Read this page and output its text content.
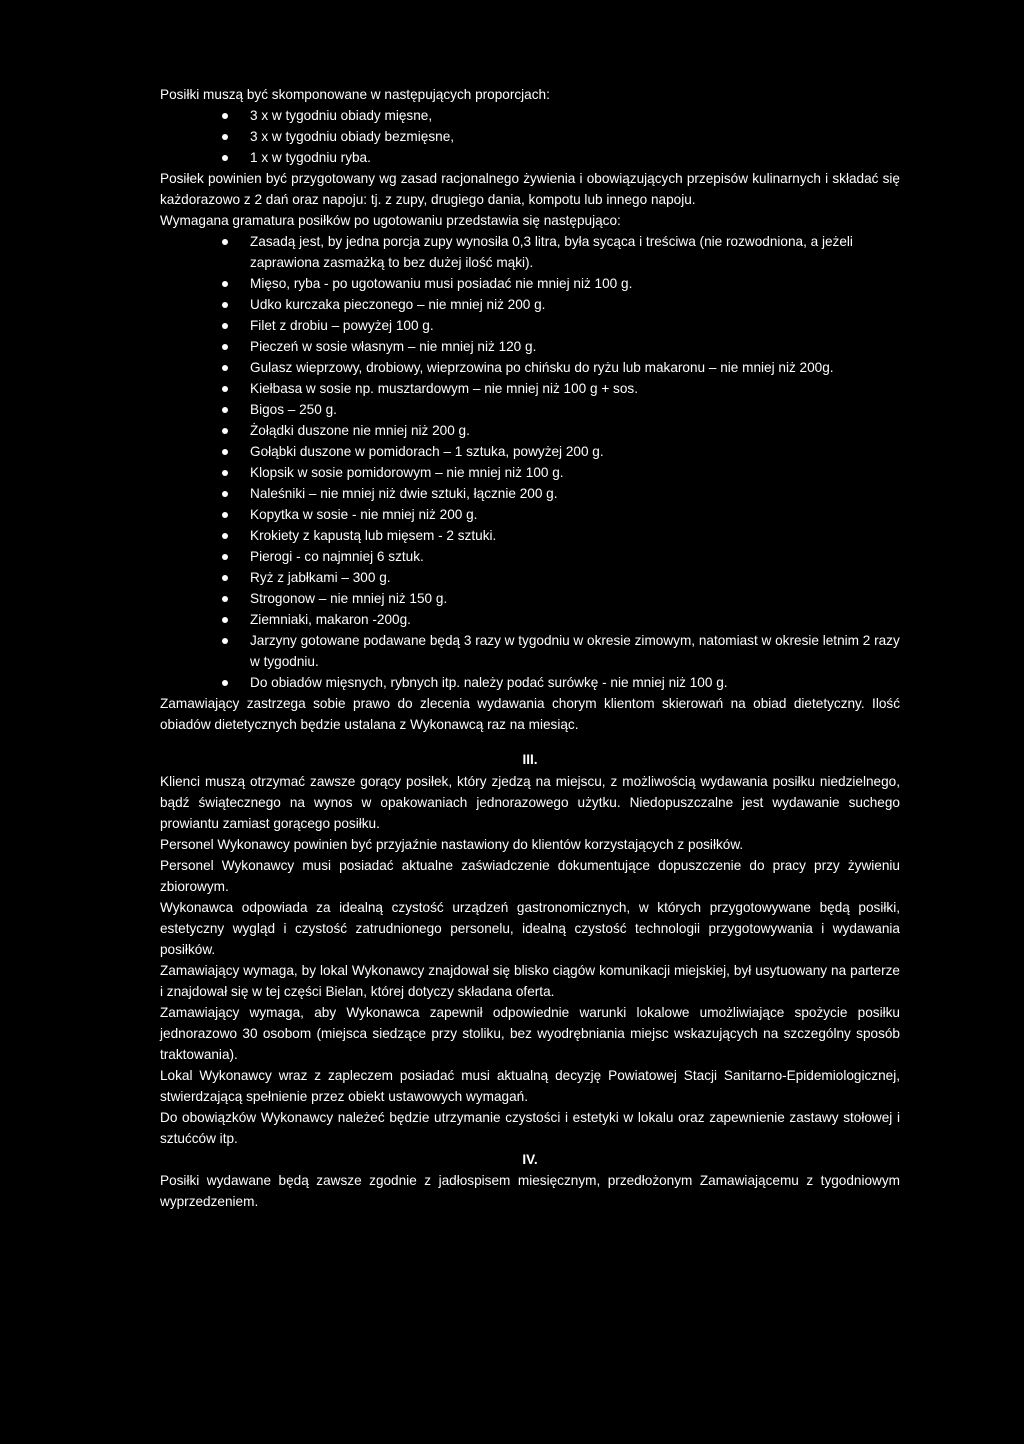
Posiłki muszą być skomponowane w następujących proporcjach:

3 x w tygodniu obiady mięsne,
3 x w tygodniu obiady bezmięsne,
1 x w tygodniu ryba.

Posiłek powinien być przygotowany wg zasad racjonalnego żywienia i obowiązujących przepisów kulinarnych i składać się każdorazowo z 2 dań oraz napoju: tj. z zupy, drugiego dania, kompotu lub innego napoju.

Wymagana gramatura posiłków po ugotowaniu przedstawia się następująco:

Zasadą jest, by jedna porcja zupy wynosiła 0,3 litra, była sycąca i treściwa (nie rozwodniona, a jeżeli zaprawiona zasmażką to bez dużej ilość mąki).
Mięso, ryba - po ugotowaniu musi posiadać nie mniej niż 100 g.
Udko kurczaka pieczonego – nie mniej niż 200 g.
Filet z drobiu – powyżej 100 g.
Pieczeń w sosie własnym – nie mniej niż 120 g.
Gulasz wieprzowy, drobiowy, wieprzowina po chińsku do ryżu lub makaronu – nie mniej niż 200g.
Kiełbasa w sosie np. musztardowym – nie mniej niż 100 g + sos.
Bigos – 250 g.
Żołądki duszone nie mniej niż 200 g.
Gołąbki duszone w pomidorach – 1 sztuka, powyżej 200 g.
Klopsik w sosie pomidorowym – nie mniej niż 100 g.
Naleśniki – nie mniej niż dwie sztuki, łącznie 200 g.
Kopytka w sosie - nie mniej niż 200 g.
Krokiety z kapustą lub mięsem - 2 sztuki.
Pierogi - co najmniej 6 sztuk.
Ryż z jabłkami – 300 g.
Strogonow – nie mniej niż 150 g.
Ziemniaki, makaron -200g.
Jarzyny gotowane podawane będą 3 razy w tygodniu w okresie zimowym, natomiast w okresie letnim 2 razy w tygodniu.
Do obiadów mięsnych, rybnych itp. należy podać surówkę - nie mniej niż 100 g.

Zamawiający zastrzega sobie prawo do zlecenia wydawania chorym klientom skierowań na obiad dietetyczny. Ilość obiadów dietetycznych będzie ustalana z Wykonawcą raz na miesiąc.

III.

Klienci muszą otrzymać zawsze gorący posiłek, który zjedzą na miejscu, z możliwością wydawania posiłku niedzielnego, bądź świątecznego na wynos w opakowaniach jednorazowego użytku. Niedopuszczalne jest wydawanie suchego prowiantu zamiast gorącego posiłku.

Personel Wykonawcy powinien być przyjaźnie nastawiony do klientów korzystających z posiłków.

Personel Wykonawcy musi posiadać aktualne zaświadczenie dokumentujące dopuszczenie do pracy przy żywieniu zbiorowym.

Wykonawca odpowiada za idealną czystość urządzeń gastronomicznych, w których przygotowywane będą posiłki, estetyczny wygląd i czystość zatrudnionego personelu, idealną czystość technologii przygotowywania i wydawania posiłków.

Zamawiający wymaga, by lokal Wykonawcy znajdował się blisko ciągów komunikacji miejskiej, był usytuowany na parterze i znajdował się w tej części Bielan, której dotyczy składana oferta.

Zamawiający wymaga, aby Wykonawca zapewnił odpowiednie warunki lokalowe umożliwiające spożycie posiłku jednorazowo 30 osobom (miejsca siedzące przy stoliku, bez wyodrębniania miejsc wskazujących na szczególny sposób traktowania).

Lokal Wykonawcy wraz z zapleczem posiadać musi aktualną decyzję Powiatowej Stacji Sanitarno-Epidemiologicznej, stwierdzającą spełnienie przez obiekt ustawowych wymagań.

Do obowiązków Wykonawcy należeć będzie utrzymanie czystości i estetyki w lokalu oraz zapewnienie zastawy stołowej i sztućców itp.

IV.

Posiłki wydawane będą zawsze zgodnie z jadłospisem miesięcznym, przedłożonym Zamawiającemu z tygodniowym wyprzedzeniem.
